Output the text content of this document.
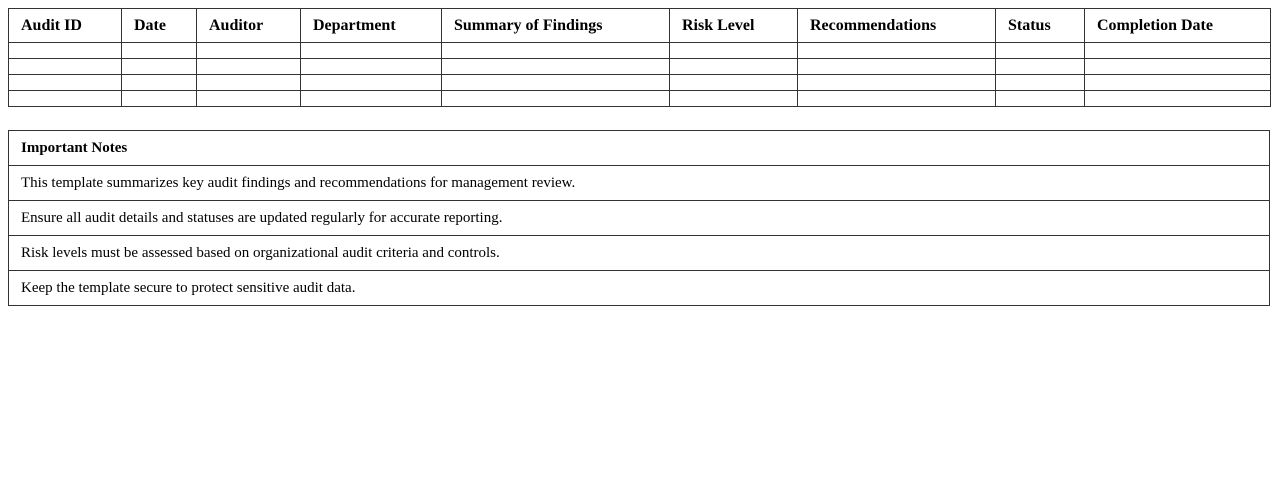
Audit ID	Date	Auditor	Department	Summary of Findings	Risk Level	Recommendations	Status	Completion Date

Important Notes
This template summarizes key audit findings and recommendations for management review.
Ensure all audit details and statuses are updated regularly for accurate reporting.
Risk levels must be assessed based on organizational audit criteria and controls.
Keep the template secure to protect sensitive audit data.
